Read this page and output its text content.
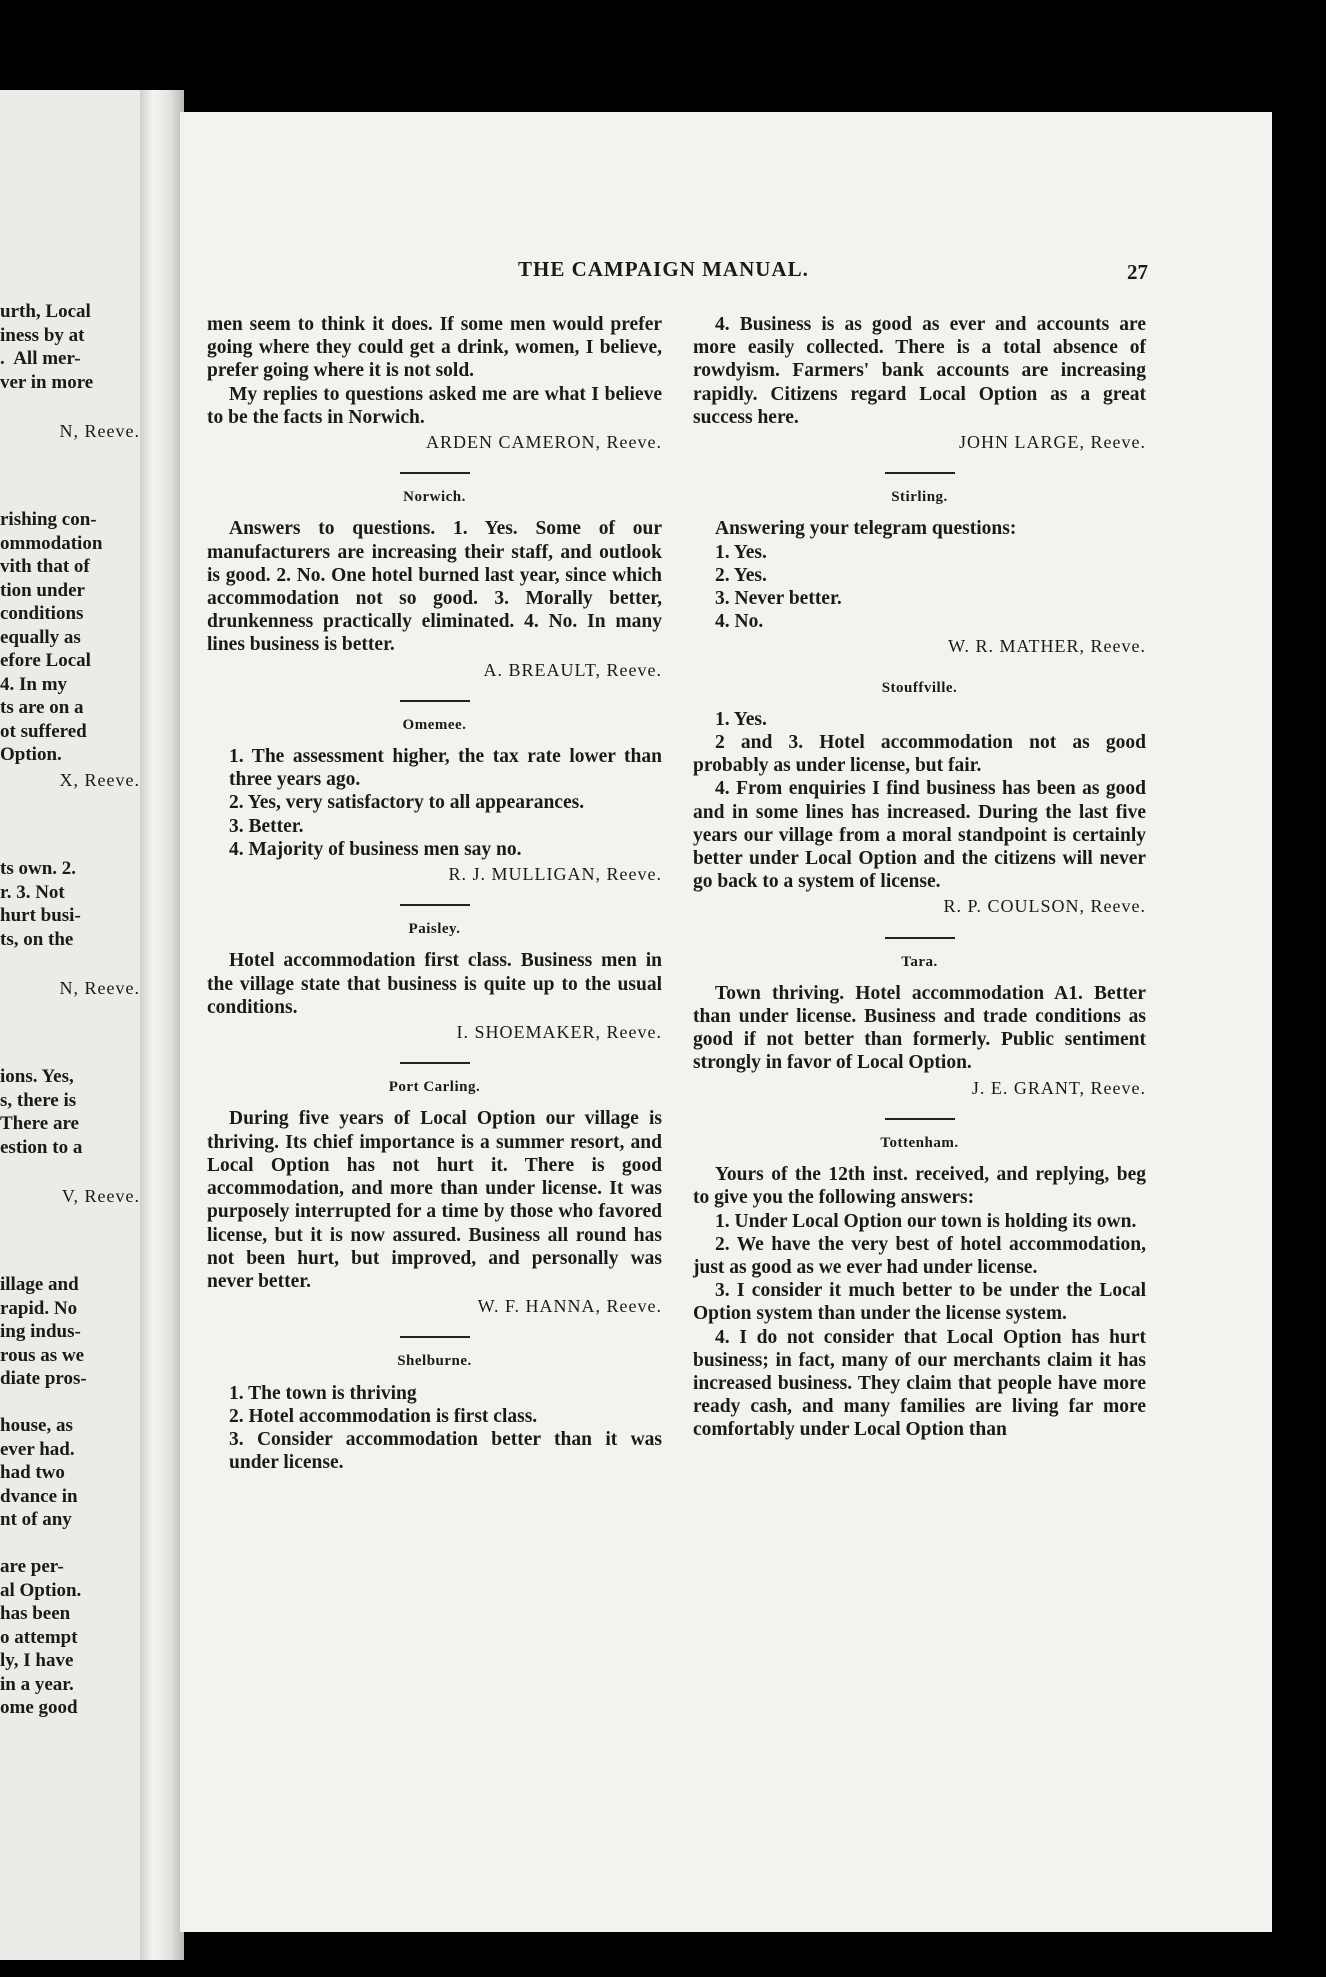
urth, Local
iness by at
.  All mer-
ver in more
N, Reeve.
rishing con-
ommodation
vith that of
tion under
conditions
equally as
efore Local
4. In my
ts are on a
ot suffered
Option.
X, Reeve.
ts own. 2.
r. 3. Not
hurt busi-
ts, on the
N, Reeve.
ions. Yes,
s, there is
There are
estion to a
V, Reeve.
illage and
rapid. No
ing indus-
rous as we
diate pros-
house, as
ever had.
had two
dvance in
nt of any
are per-
al Option.
has been
o attempt
ly, I have
in a year.
ome good
THE CAMPAIGN MANUAL.	27

men seem to think it does. If some men would prefer going where they could get a drink, women, I believe, prefer going where it is not sold.

My replies to questions asked me are what I believe to be the facts in Norwich.

ARDEN CAMERON, Reeve.
Norwich.

Answers to questions. 1. Yes. Some of our manufacturers are increasing their staff, and outlook is good. 2. No. One hotel burned last year, since which accommodation not so good. 3. Morally better, drunkenness practically eliminated. 4. No. In many lines business is better.

A. BREAULT, Reeve.
Omemee.
1. The assessment higher, the tax rate lower than three years ago.
2. Yes, very satisfactory to all appearances.
3. Better.
4. Majority of business men say no.
R. J. MULLIGAN, Reeve.
Paisley.

Hotel accommodation first class. Business men in the village state that business is quite up to the usual conditions.

I. SHOEMAKER, Reeve.
Port Carling.

During five years of Local Option our village is thriving. Its chief importance is a summer resort, and Local Option has not hurt it. There is good accommodation, and more than under license. It was purposely interrupted for a time by those who favored license, but it is now assured. Business all round has not been hurt, but improved, and personally was never better.

W. F. HANNA, Reeve.
Shelburne.
1. The town is thriving
2. Hotel accommodation is first class.
3. Consider accommodation better than it was under license.

4. Business is as good as ever and accounts are more easily collected. There is a total absence of rowdyism. Farmers' bank accounts are increasing rapidly. Citizens regard Local Option as a great success here.

JOHN LARGE, Reeve.
Stirling.

Answering your telegram questions:

1. Yes.
2. Yes.
3. Never better.
4. No.
W. R. MATHER, Reeve.
Stouffville.

1. Yes.

2 and 3. Hotel accommodation not as good probably as under license, but fair.

4. From enquiries I find business has been as good and in some lines has increased. During the last five years our village from a moral standpoint is certainly better under Local Option and the citizens will never go back to a system of license.

R. P. COULSON, Reeve.
Tara.

Town thriving. Hotel accommodation A1. Better than under license. Business and trade conditions as good if not better than formerly. Public sentiment strongly in favor of Local Option.

J. E. GRANT, Reeve.
Tottenham.

Yours of the 12th inst. received, and replying, beg to give you the following answers:

1. Under Local Option our town is holding its own.

2. We have the very best of hotel accommodation, just as good as we ever had under license.

3. I consider it much better to be under the Local Option system than under the license system.

4. I do not consider that Local Option has hurt business; in fact, many of our merchants claim it has increased business. They claim that people have more ready cash, and many families are living far more comfortably under Local Option than
